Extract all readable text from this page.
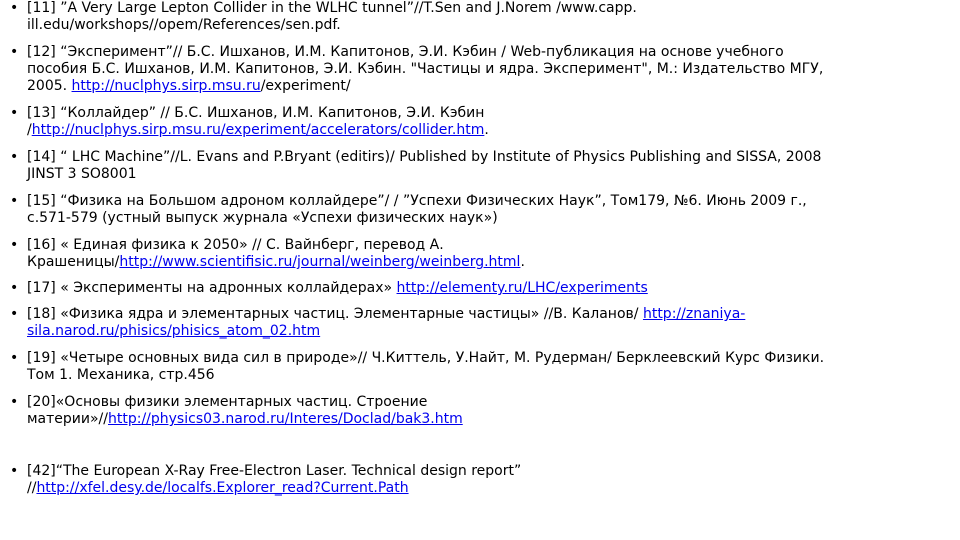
• [11] ”A Very Large Lepton Collider in the WLHC tunnel”//T.Sen and J.Norem /www.capp.
ill.edu/workshops//opem/References/sen.pdf.
• [12] “Эксперимент”// Б.С. Ишханов, И.М. Капитонов, Э.И. Кэбин / Web-публикация на основе учебного
пособия Б.С. Ишханов, И.М. Капитонов, Э.И. Кэбин. "Частицы и ядра. Эксперимент", М.: Издательство МГУ,
2005. http://nuclphys.sirp.msu.ru/experiment/
• [13] “Коллайдер” // Б.С. Ишханов, И.М. Капитонов, Э.И. Кэбин
/http://nuclphys.sirp.msu.ru/experiment/accelerators/collider.htm.
• [14] “ LHC Machine”//L. Evans and P.Bryant (editirs)/ Published by Institute of Physics Publishing and SISSA, 2008
JINST 3 SO8001
• [15] “Физика на Большом адроном коллайдере”/ / ”Успехи Физических Наук”, Том179, №6. Июнь 2009 г.,
с.571-579 (устный выпуск журнала «Успехи физических наук»)
• [16] « Единая физика к 2050» // С. Вайнберг, перевод А.
Крашеницы/http://www.scientifisic.ru/journal/weinberg/weinberg.html.
• [17] « Эксперименты на адронных коллайдерах» http://elementy.ru/LHC/experiments
• [18] «Физика ядра и элементарных частиц. Элементарные частицы» //В. Каланов/ http://znaniya-
sila.narod.ru/phisics/phisics_atom_02.htm
• [19] «Четыре основных вида сил в природе»// Ч.Киттель, У.Найт, М. Рудерман/ Берклеевский Курс Физики.
Том 1. Механика, стр.456
• [20]«Основы физики элементарных частиц. Строение
материи»//http://physics03.narod.ru/Interes/Doclad/bak3.htm
• [42]“The European X-Ray Free-Electron Laser. Technical design report”
//http://xfel.desy.de/localfs.Explorer_read?Current.Path
